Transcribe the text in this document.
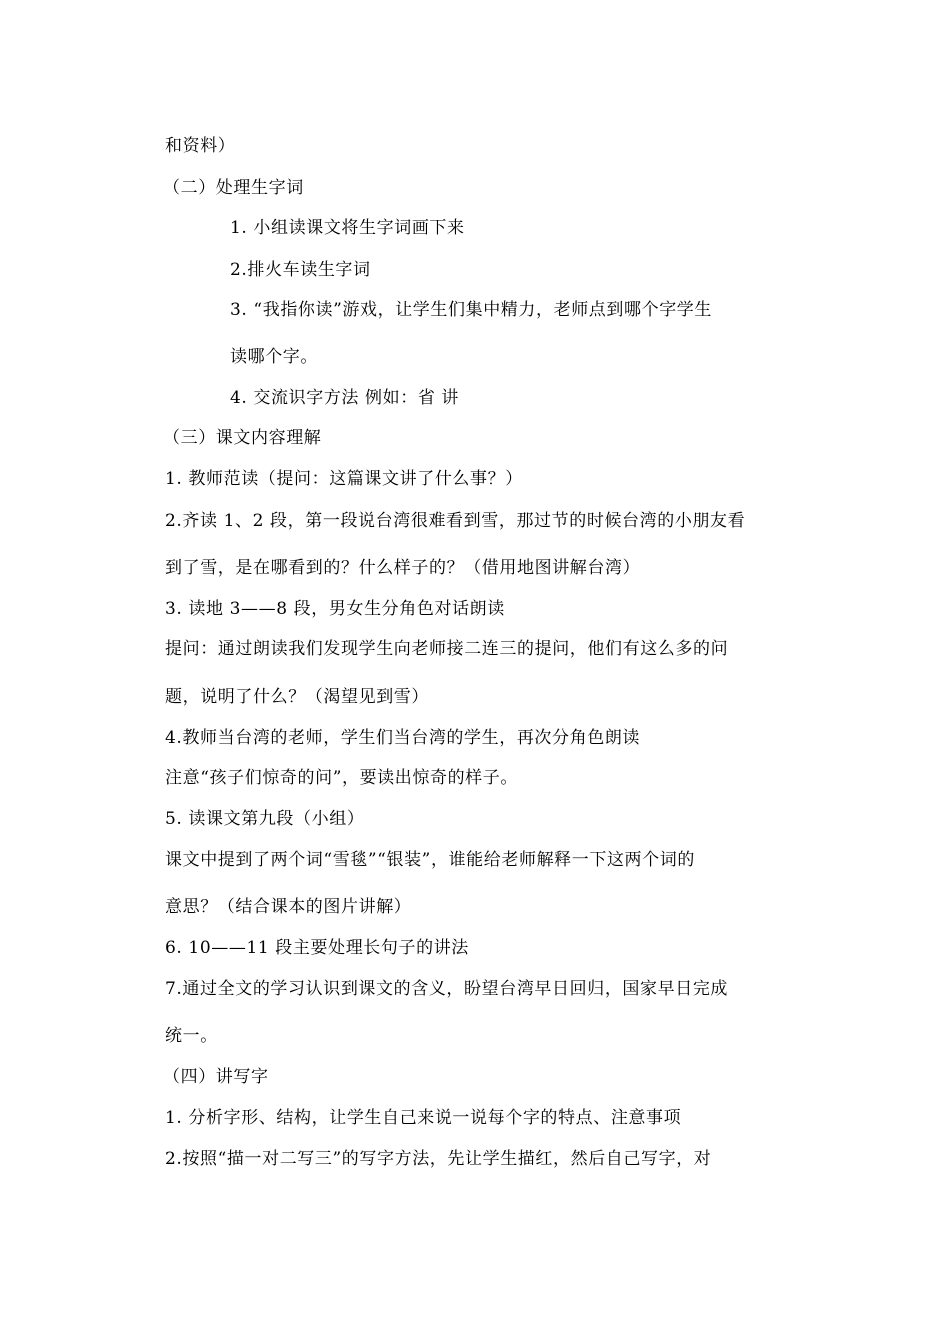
和资料）
（二）处理生字词
1. 小组读课文将生字词画下来
2.排火车读生字词
3. “我指你读”游戏，让学生们集中精力，老师点到哪个字学生
读哪个字。
4. 交流识字方法 例如：省 讲
（三）课文内容理解
1. 教师范读（提问：这篇课文讲了什么事？）
2.齐读 1、2 段，第一段说台湾很难看到雪，那过节的时候台湾的小朋友看
到了雪，是在哪看到的？什么样子的？（借用地图讲解台湾）
3. 读地 3——8 段，男女生分角色对话朗读
提问：通过朗读我们发现学生向老师接二连三的提问，他们有这么多的问
题，说明了什么？（渴望见到雪）
4.教师当台湾的老师，学生们当台湾的学生，再次分角色朗读
注意“孩子们惊奇的问”，要读出惊奇的样子。
5. 读课文第九段（小组）
课文中提到了两个词“雪毯”“银装”，谁能给老师解释一下这两个词的
意思？（结合课本的图片讲解）
6. 10——11 段主要处理长句子的讲法
7.通过全文的学习认识到课文的含义，盼望台湾早日回归，国家早日完成
统一。
（四）讲写字
1. 分析字形、结构，让学生自己来说一说每个字的特点、注意事项
2.按照“描一对二写三”的写字方法，先让学生描红，然后自己写字，对
